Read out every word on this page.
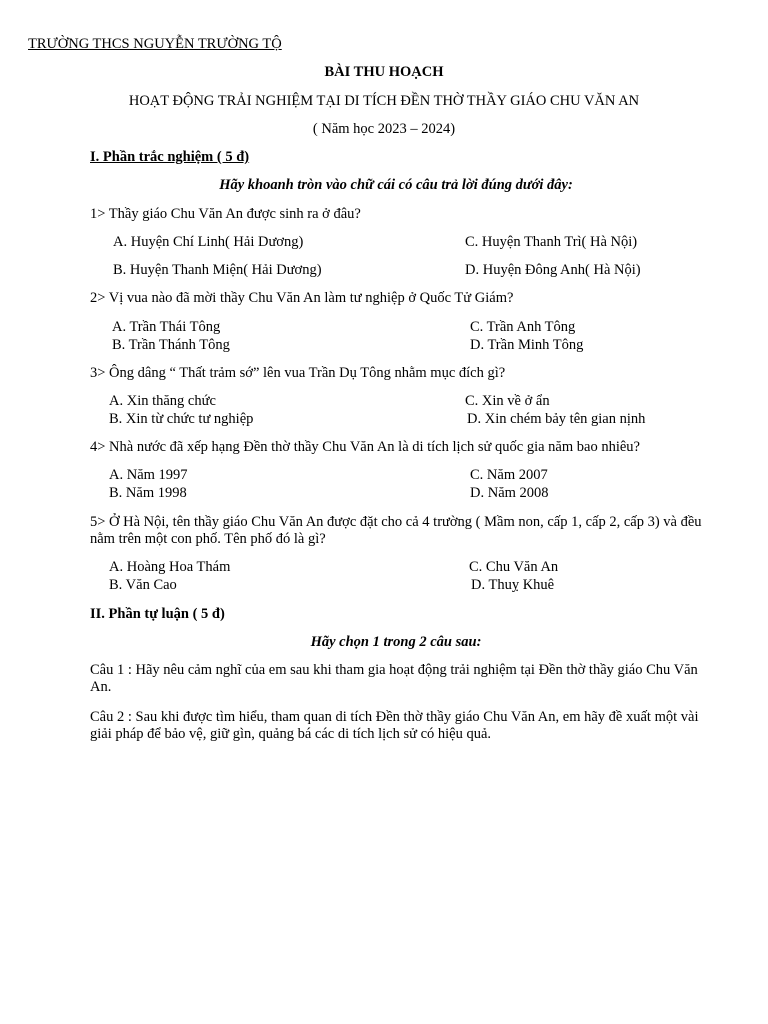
TRƯỜNG THCS NGUYỄN TRƯỜNG TỘ
BÀI THU HOẠCH
HOẠT ĐỘNG TRẢI NGHIỆM TẠI DI TÍCH ĐỀN THỜ THẦY GIÁO CHU VĂN AN
( Năm học 2023 – 2024)
I. Phần trắc nghiệm ( 5 đ)
Hãy khoanh tròn vào chữ cái có câu trả lời đúng dưới đây:
1> Thầy giáo Chu Văn An được sinh ra ở đâu?
A. Huyện Chí Linh( Hải Dương)
B. Huyện Thanh Miện( Hải Dương)
C. Huyện Thanh Trì( Hà Nội)
D. Huyện Đông Anh( Hà Nội)
2> Vị vua nào đã mời thầy Chu Văn An làm tư nghiệp ở Quốc Tử Giám?
A. Trần Thái Tông
B. Trần Thánh Tông
C. Trần Anh Tông
D. Trần Minh Tông
3> Ông dâng “ Thất trảm sớ” lên vua Trần Dụ Tông nhằm mục đích gì?
A. Xin thăng chức
B. Xin từ chức tư nghiệp
C. Xin về ở ẩn
D. Xin chém bảy tên gian nịnh
4> Nhà nước đã xếp hạng Đền thờ thầy Chu Văn An là di tích lịch sử quốc gia năm bao nhiêu?
A. Năm 1997
B. Năm 1998
C. Năm 2007
D. Năm 2008
5> Ở Hà Nội, tên thầy giáo Chu Văn An được đặt cho cả 4 trường ( Mầm non, cấp 1, cấp 2, cấp 3) và đều nằm trên một con phố. Tên phố đó là gì?
A. Hoàng Hoa Thám
B. Văn Cao
C. Chu Văn An
D. Thuỵ Khuê
II. Phần tự luận ( 5 đ)
Hãy chọn 1 trong 2 câu sau:
Câu 1 : Hãy nêu cảm nghĩ của em sau khi tham gia hoạt động trải nghiệm tại Đền thờ thầy giáo Chu Văn An.
Câu 2 : Sau khi được tìm hiểu, tham quan di tích Đền thờ thầy giáo Chu Văn An, em hãy đề xuất một vài giải pháp để bảo vệ, giữ gìn, quảng bá các di tích lịch sử có hiệu quả.
